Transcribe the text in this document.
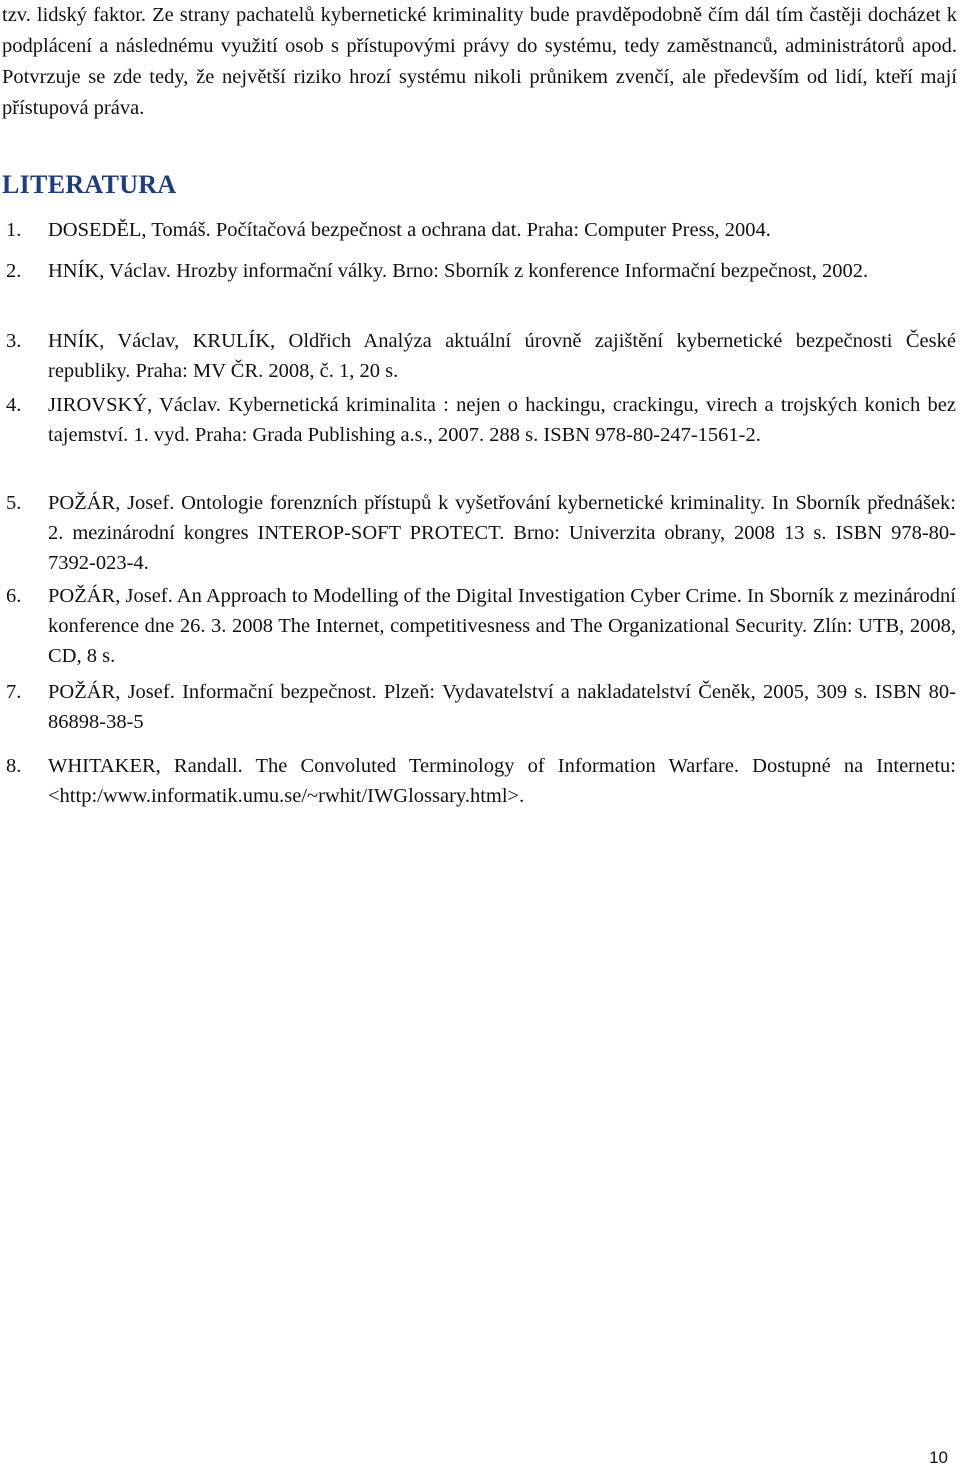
tzv. lidský faktor. Ze strany pachatelů kybernetické kriminality bude pravděpodobně čím dál tím častěji docházet k podplácení a následnému využití osob s přístupovými právy do systému, tedy zaměstnanců, administrátorů apod. Potvrzuje se zde tedy, že největší riziko hrozí systému nikoli průnikem zvenčí, ale především od lidí, kteří mají přístupová práva.

LITERATURA
1. DOSEDĚL, Tomáš. Počítačová bezpečnost a ochrana dat. Praha: Computer Press, 2004.
2. HNÍK, Václav. Hrozby informační války. Brno: Sborník z konference Informační bezpečnost, 2002.
3. HNÍK, Václav, KRULÍK, Oldřich Analýza aktuální úrovně zajištění kybernetické bezpečnosti České republiky. Praha: MV ČR. 2008, č. 1, 20 s.
4. JIROVSKÝ, Václav. Kybernetická kriminalita : nejen o hackingu, crackingu, virech a trojských konich bez tajemství. 1. vyd. Praha: Grada Publishing a.s., 2007. 288 s. ISBN 978-80-247-1561-2.
5. POŽÁR, Josef. Ontologie forenzních přístupů k vyšetřování kybernetické kriminality. In Sborník přednášek: 2. mezinárodní kongres INTEROP-SOFT PROTECT. Brno: Univerzita obrany, 2008 13 s. ISBN 978-80-7392-023-4.
6. POŽÁR, Josef. An Approach to Modelling of the Digital Investigation Cyber Crime. In Sborník z mezinárodní konference dne 26. 3. 2008 The Internet, competitivesness and The Organizational Security. Zlín: UTB, 2008, CD, 8 s.
7. POŽÁR, Josef. Informační bezpečnost. Plzeň: Vydavatelství a nakladatelství Čeněk, 2005, 309 s. ISBN 80-86898-38-5
8. WHITAKER, Randall. The Convoluted Terminology of Information Warfare. Dostupné na Internetu: <http:/www.informatik.umu.se/~rwhit/IWGlossary.html>.

10
